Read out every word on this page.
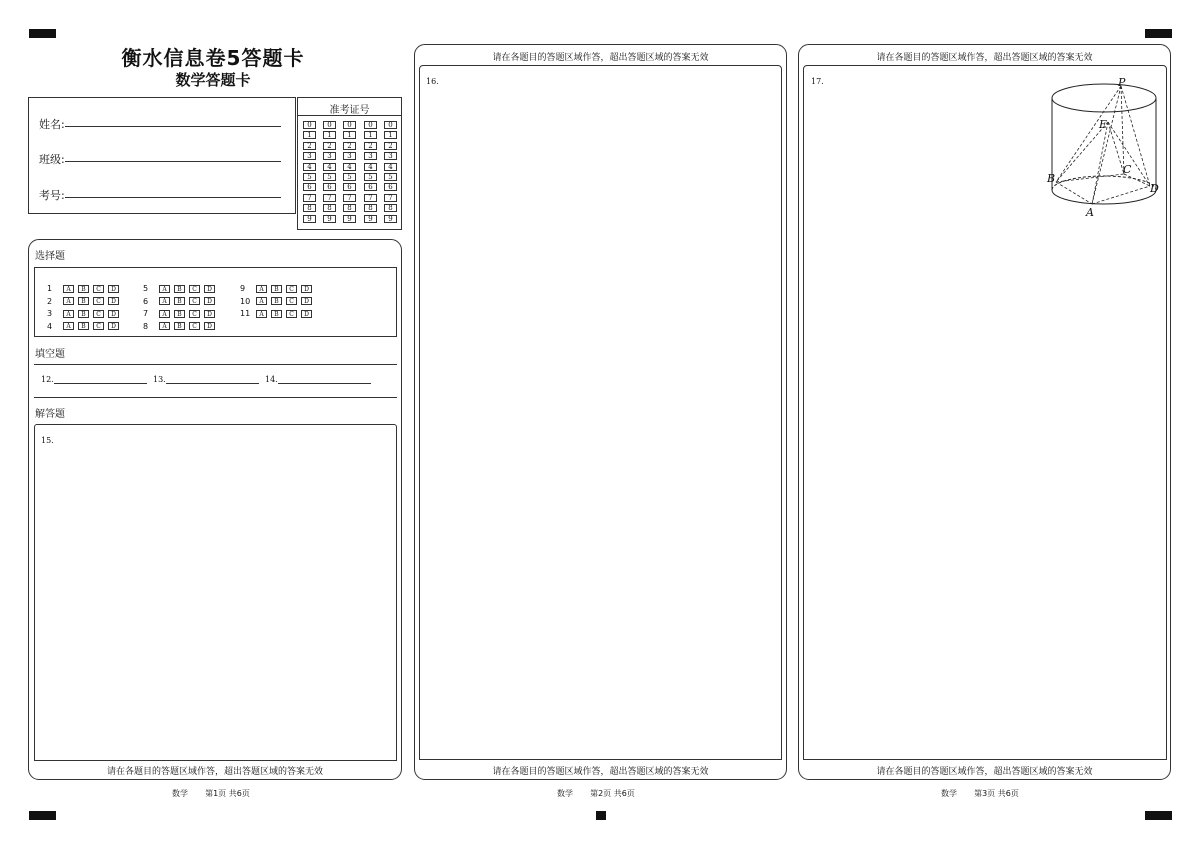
衡水信息卷5答题卡
数学答题卡
姓名:
班级:
考号:
准考证号
0	0	0	0	0
1	1	1	1	1
2	2	2	2	2
3	3	3	3	3
4	4	4	4	4
5	5	5	5	5
6	6	6	6	6
7	7	7	7	7
8	8	8	8	8
9	9	9	9	9
选择题
1 A B C D
2 A B C D
3 A B C D
4 A B C D
5 A B C D
6 A B C D
7 A B C D
8 A B C D
9 A B C D
10 A B C D
11 A B C D
填空题
12.	13.	14.
解答题
15.
请在各题目的答题区域作答，超出答题区域的答案无效
数学 第1页 共6页
请在各题目的答题区域作答，超出答题区域的答案无效
16.
请在各题目的答题区域作答，超出答题区域的答案无效
数学 第2页 共6页
请在各题目的答题区域作答，超出答题区域的答案无效
17.	P
E
C
B
D
A
请在各题目的答题区域作答，超出答题区域的答案无效
数学 第3页 共6页
